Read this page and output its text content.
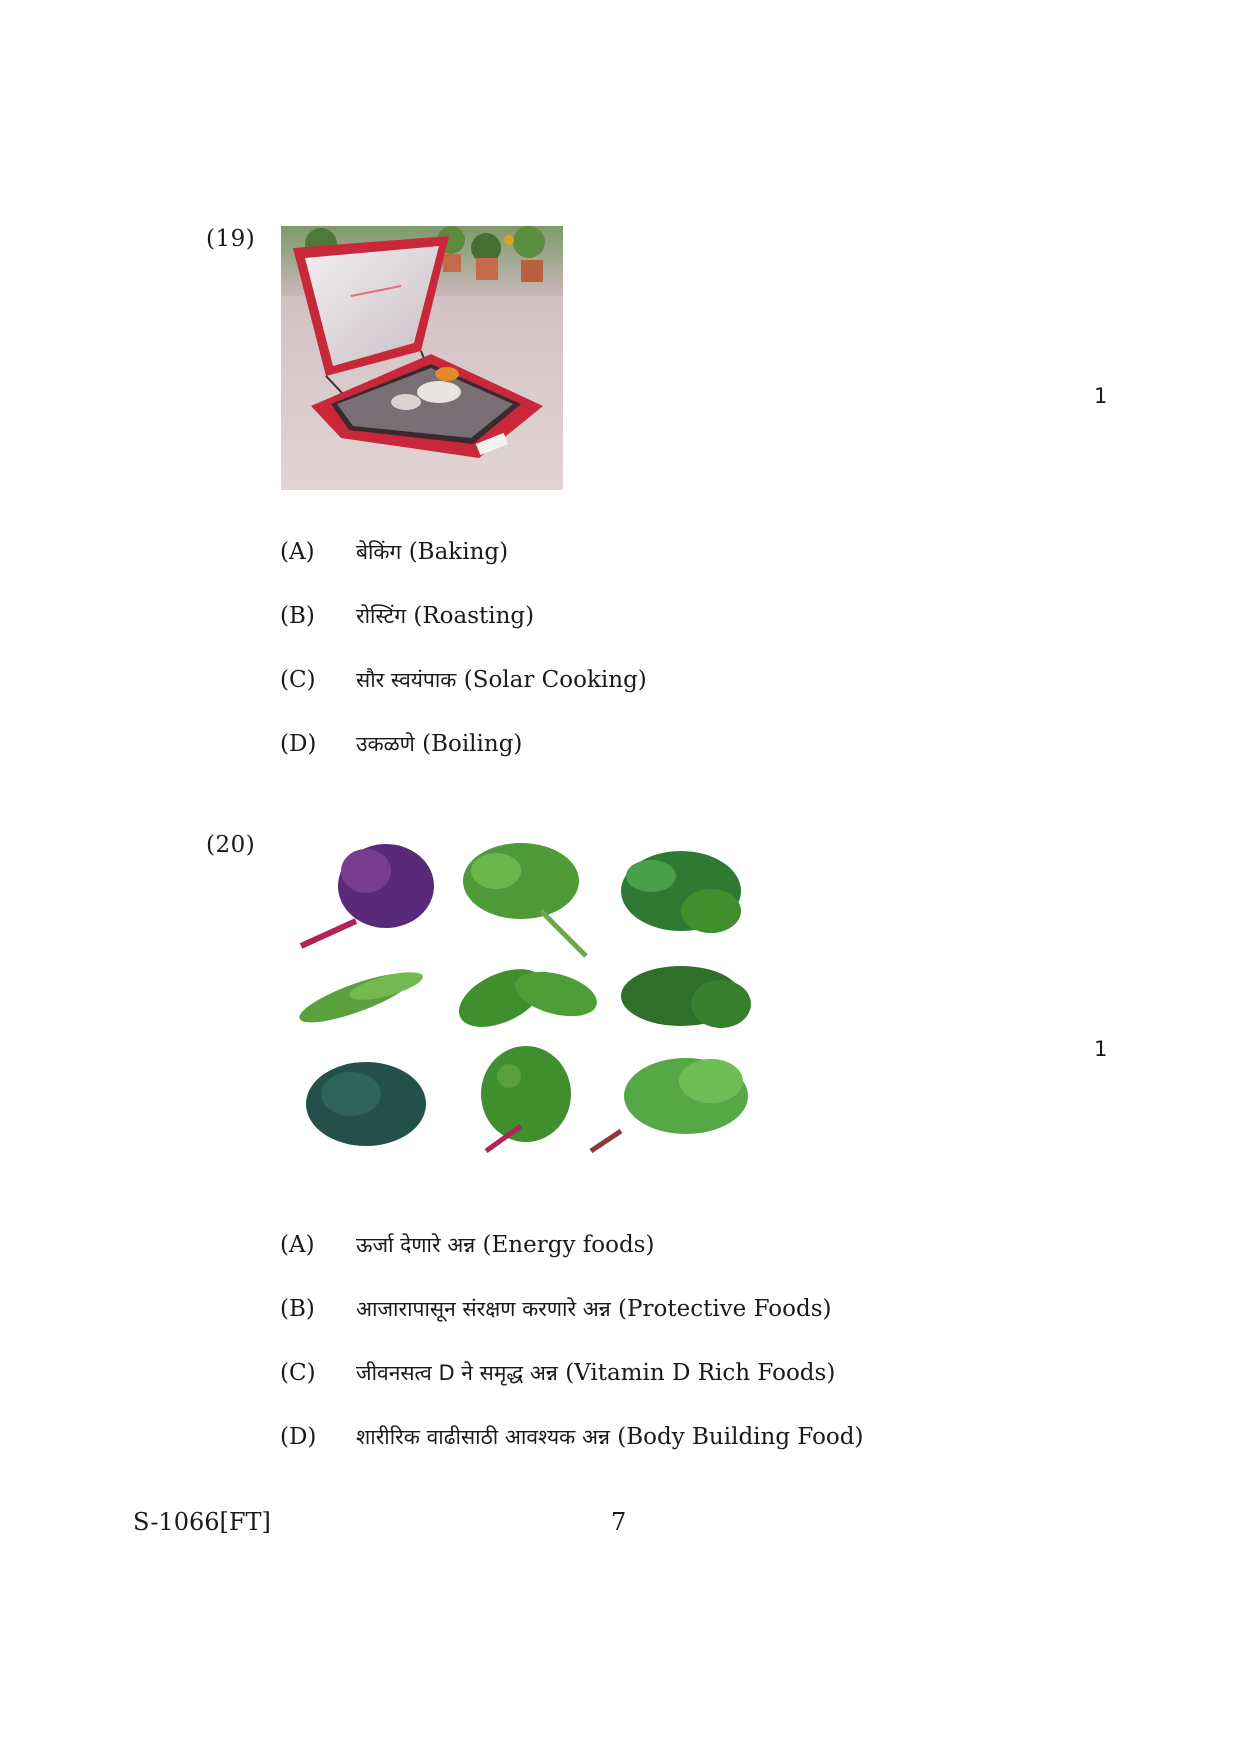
(19)
1
(A)	बेकिंग
(Baking)
(B)	रोस्टिंग
(Roasting)
(C)	सौर स्वयंपाक
(Solar Cooking)
(D)	उकळणे
(Boiling)
(20)
1
(A)	ऊर्जा देणारे अन्न
(Energy foods)
(B)	आजारापासून संरक्षण करणारे अन्न
(Protective Foods)
(C)	जीवनसत्व D ने समृद्ध अन्न
(Vitamin D Rich Foods)
(D)	शारीरिक वाढीसाठी आवश्यक अन्न
(Body Building Food)
S-1066[FT]	7
